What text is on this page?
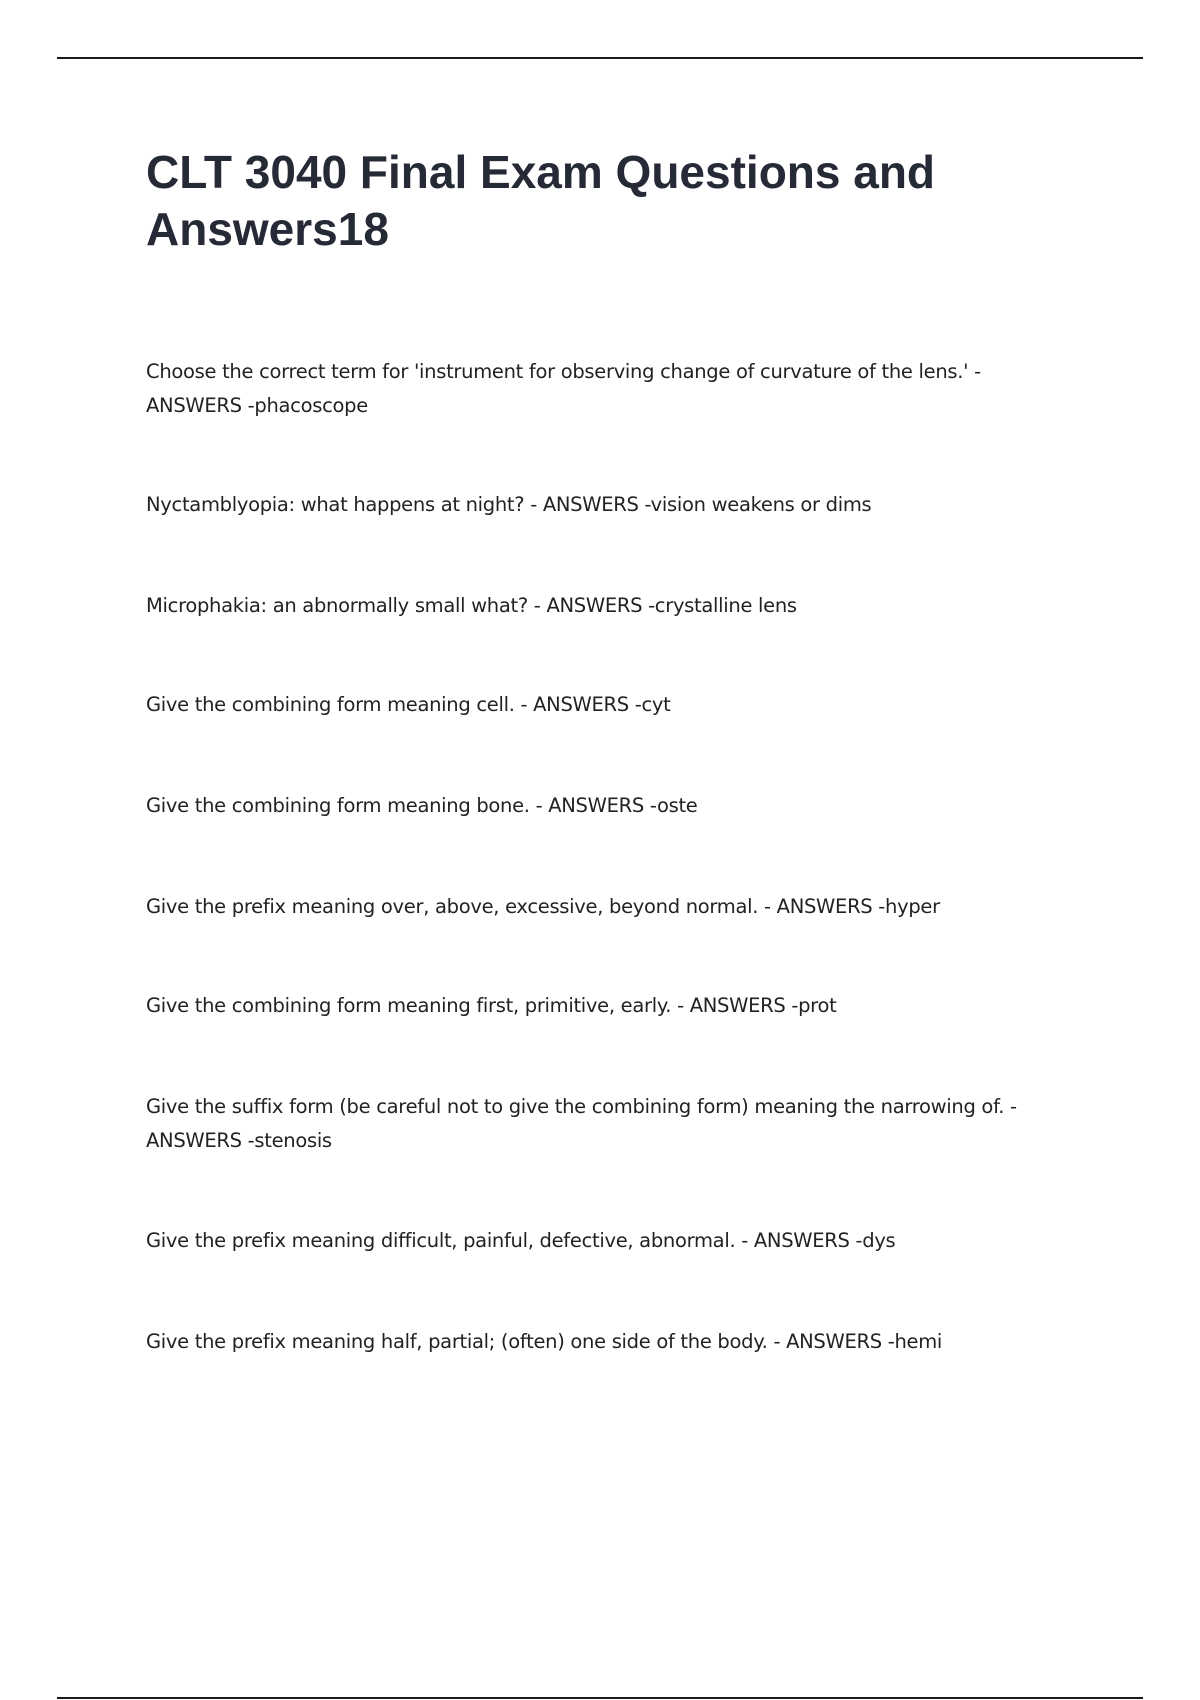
CLT 3040 Final Exam Questions and Answers18

Choose the correct term for 'instrument for observing change of curvature of the lens.' - ANSWERS -phacoscope

Nyctamblyopia: what happens at night? - ANSWERS -vision weakens or dims

Microphakia: an abnormally small what? - ANSWERS -crystalline lens

Give the combining form meaning cell. - ANSWERS -cyt

Give the combining form meaning bone. - ANSWERS -oste

Give the prefix meaning over, above, excessive, beyond normal. - ANSWERS -hyper

Give the combining form meaning first, primitive, early. - ANSWERS -prot

Give the suffix form (be careful not to give the combining form) meaning the narrowing of. - ANSWERS -stenosis

Give the prefix meaning difficult, painful, defective, abnormal. - ANSWERS -dys

Give the prefix meaning half, partial; (often) one side of the body. - ANSWERS -hemi
